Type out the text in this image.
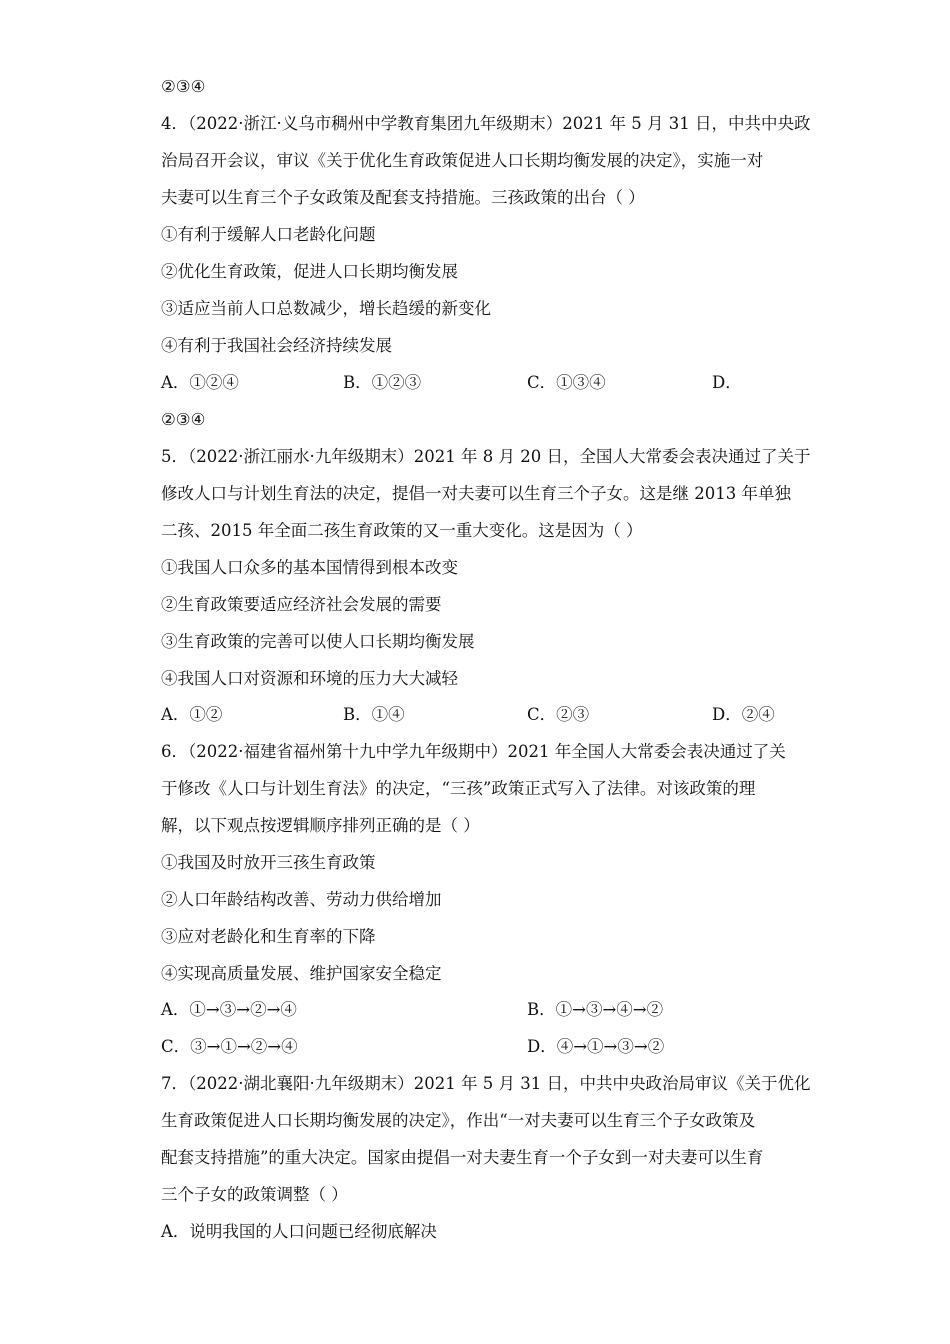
②③④
4．（2022·浙江·义乌市稠州中学教育集团九年级期末）2021 年 5 月 31 日，中共中央政
治局召开会议，审议《关于优化生育政策促进人口长期均衡发展的决定》，实施一对
夫妻可以生育三个子女政策及配套支持措施。三孩政策的出台（ ）
①有利于缓解人口老龄化问题
②优化生育政策，促进人口长期均衡发展
③适应当前人口总数减少，增长趋缓的新变化
④有利于我国社会经济持续发展
A．①②④	B．①②③	C．①③④	D．
②③④
5．（2022·浙江丽水·九年级期末）2021 年 8 月 20 日，全国人大常委会表决通过了关于
修改人口与计划生育法的决定，提倡一对夫妻可以生育三个子女。这是继 2013 年单独
二孩、2015 年全面二孩生育政策的又一重大变化。这是因为（ ）
①我国人口众多的基本国情得到根本改变
②生育政策要适应经济社会发展的需要
③生育政策的完善可以使人口长期均衡发展
④我国人口对资源和环境的压力大大减轻
A．①②	B．①④	C．②③	D．②④
6．（2022·福建省福州第十九中学九年级期中）2021 年全国人大常委会表决通过了关
于修改《人口与计划生育法》的决定，“三孩”政策正式写入了法律。对该政策的理
解，以下观点按逻辑顺序排列正确的是（ ）
①我国及时放开三孩生育政策
②人口年龄结构改善、劳动力供给增加
③应对老龄化和生育率的下降
④实现高质量发展、维护国家安全稳定
A．①→③→②→④	B．①→③→④→②
C．③→①→②→④	D．④→①→③→②
7．（2022·湖北襄阳·九年级期末）2021 年 5 月 31 日，中共中央政治局审议《关于优化
生育政策促进人口长期均衡发展的决定》，作出“一对夫妻可以生育三个子女政策及
配套支持措施”的重大决定。国家由提倡一对夫妻生育一个子女到一对夫妻可以生育
三个子女的政策调整（ ）
A．说明我国的人口问题已经彻底解决
